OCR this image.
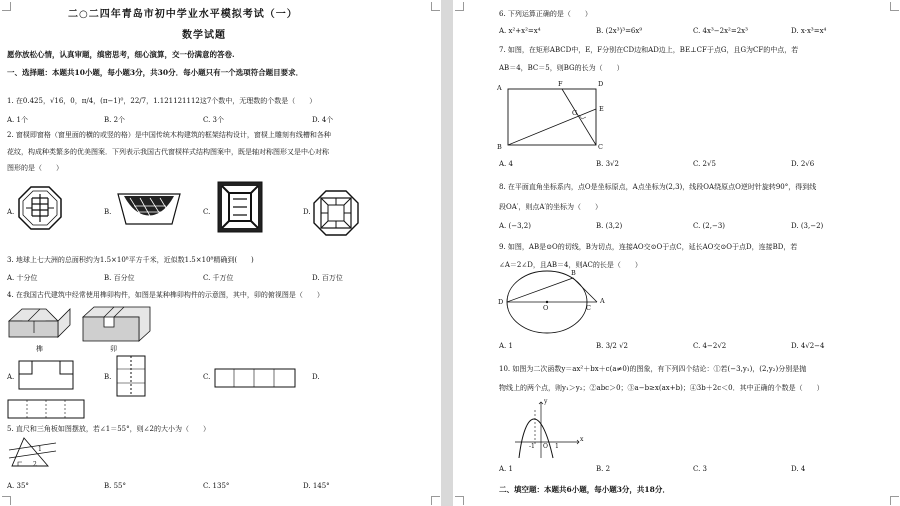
二○二四年青岛市初中学业水平模拟考试（一）
数学试题
愿你放松心情，认真审题，缜密思考，细心演算，交一份满意的答卷.
一、选择题：本题共10小题，每小题3分，共30分．每小题只有一个选项符合题目要求．
1. 在0.425，√16，0，π/4，(π−1)⁰，22/7，1.121121112这7个数中，无理数的个数是（　　）
A. 1个	B. 2个	C. 3个	D. 4个
2. 窗棂即窗格（窗里面的横的或竖的格）是中国传统木构建筑的框架结构设计，窗棂上雕刻有线槽和各种
花纹，构成种类繁多的优美图案．下列表示我国古代窗棂样式结构图案中，既是轴对称图形又是中心对称
图形的是（　　）
A.	B.	C.	D.
3. 地球上七大洲的总面积约为1.5×10⁸平方千米，近似数1.5×10⁸精确到(　　)
A. 十分位	B. 百分位	C. 千万位	D. 百万位
4. 在我国古代建筑中经常使用榫卯构件，如图是某种榫卯构件的示意图，其中，卯的俯视图是（　　）
榫	卯
A.	B.	C.	D.
5. 直尺和三角板如图摆放，若∠1＝55°，则∠2的大小为（　　）
1
2
A. 35°	B. 55°	C. 135°	D. 145°
6. 下列运算正确的是（　　）
A. x²+x²=x⁴	B. (2x³)³=6x⁹	C. 4x³−2x²=2x³	D. x·x³=x⁴
7. 如图，在矩形ABCD中，E，F分别在CD边和AD边上，BE⊥CF于点G，且G为CF的中点，若
AB＝4，BC＝5，则BG的长为（　　）
A	F	D
E
G
B	C
A. 4	B. 3√2	C. 2√5	D. 2√6
8. 在平面直角坐标系内，点O是坐标原点，A点坐标为(2,3)，线段OA绕原点O逆时针旋转90°，得到线
段OA′，则点A′的坐标为（　　）
A. (−3,2)	B. (3,2)	C. (2,−3)	D. (3,−2)
9. 如图，AB是⊙O的切线，B为切点，连接AO交⊙O于点C，延长AO交⊙O于点D，连接BD，若
∠A＝2∠D，且AB＝4，则AC的长是（　　）
B
D
O	C
A
A. 1	B. 3/2 √2	C. 4−2√2	D. 4√2−4
10. 如图为二次函数y＝ax²＋bx＋c(a≠0)的图象，有下列四个结论：①若(−3,y₁)，(2,y₂)分别是抛
物线上的两个点，则y₁＞y₂；②abc＞0；③a−b≥x(ax+b)；④3b＋2c＜0．其中正确的个数是（　　）
y
x
O
-1	1
A. 1	B. 2	C. 3	D. 4
二、填空题：本题共6小题，每小题3分，共18分．
